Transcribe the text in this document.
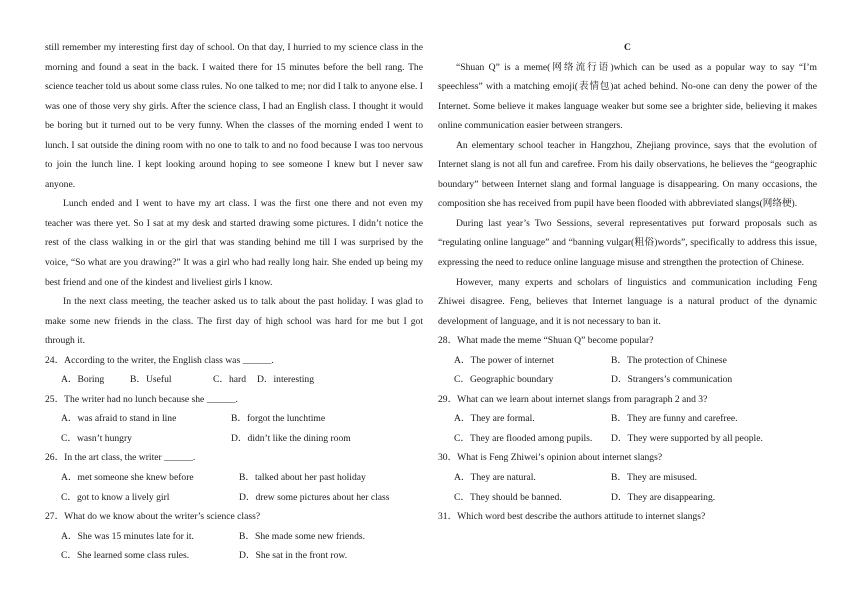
still remember my interesting first day of school. On that day, I hurried to my science class in the morning and found a seat in the back. I waited there for 15 minutes before the bell rang. The science teacher told us about some class rules. No one talked to me; nor did I talk to anyone else. I was one of those very shy girls. After the science class, I had an English class. I thought it would be boring but it turned out to be very funny. When the classes of the morning ended I went to lunch. I sat outside the dining room with no one to talk to and no food because I was too nervous to join the lunch line. I kept looking around hoping to see someone I knew but I never saw anyone.

Lunch ended and I went to have my art class. I was the first one there and not even my teacher was there yet. So I sat at my desk and started drawing some pictures. I didn’t notice the rest of the class walking in or the girl that was standing behind me till I was surprised by the voice, “So what are you drawing?” It was a girl who had really long hair. She ended up being my best friend and one of the kindest and liveliest girls I know.

In the next class meeting, the teacher asked us to talk about the past holiday. I was glad to make some new friends in the class. The first day of high school was hard for me but I got through it.

24．According to the writer, the English class was ______.

A．Boring	B．Useful	C．hard D．interesting

25．The writer had no lunch because she ______.

A．was afraid to stand in line	B．forgot the lunchtime
C．wasn’t hungry	D．didn’t like the dining room

26．In the art class, the writer ______.

A．met someone she knew before	B．talked about her past holiday
C．got to know a lively girl	D．drew some pictures about her class

27．What do we know about the writer’s science class?

A．She was 15 minutes late for it.	B．She made some new friends.
C．She learned some class rules.	D．She sat in the front row.

C

“Shuan Q” is a meme(网络流行语)which can be used as a popular way to say “I’m speechless” with a matching emoji(表情包)at ached behind. No-one can deny the power of the Internet. Some believe it makes language weaker but some see a brighter side, believing it makes online communication easier between strangers.

An elementary school teacher in Hangzhou, Zhejiang province, says that the evolution of Internet slang is not all fun and carefree. From his daily observations, he believes the “geographic boundary” between Internet slang and formal language is disappearing. On many occasions, the composition she has received from pupil have been flooded with abbreviated slangs(网络梗).

During last year’s Two Sessions, several representatives put forward proposals such as “regulating online language” and “banning vulgar(粗俗)words”, specifically to address this issue, expressing the need to reduce online language misuse and strengthen the protection of Chinese.

However, many experts and scholars of linguistics and communication including Feng Zhiwei disagree. Feng, believes that Internet language is a natural product of the dynamic development of language, and it is not necessary to ban it.

28．What made the meme “Shuan Q” become popular?

A．The power of internet	B．The protection of Chinese
C．Geographic boundary	D．Strangers’s communication

29．What can we learn about internet slangs from paragraph 2 and 3?

A．They are formal.	B．They are funny and carefree.
C．They are flooded among pupils. D．They were supported by all people.

30．What is Feng Zhiwei’s opinion about internet slangs?

A．They are natural.	B．They are misused.
C．They should be banned.	D．They are disappearing.

31．Which word best describe the authors attitude to internet slangs?
